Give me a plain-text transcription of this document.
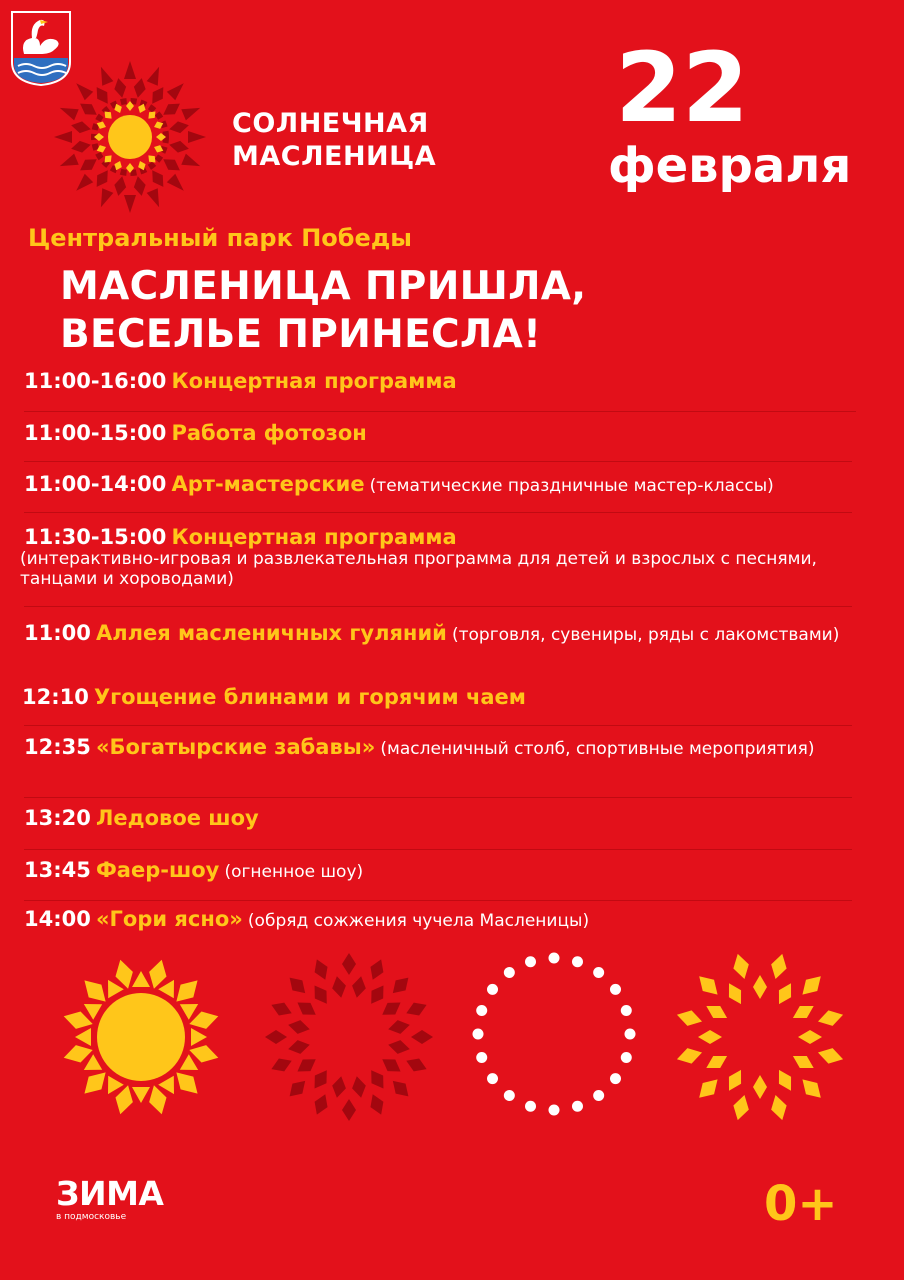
СОЛНЕЧНАЯ
МАСЛЕНИЦА
22
февраля
Центральный парк Победы
МАСЛЕНИЦА ПРИШЛА,
ВЕСЕЛЬЕ ПРИНЕСЛА!
11:00-16:00 Концертная программа
11:00-15:00 Работа фотозон
11:00-14:00 Арт-мастерские (тематические праздничные мастер-классы)
11:30-15:00 Концертная программа
(интерактивно-игровая и развлекательная программа для детей и взрослых с песнями, танцами и хороводами)
11:00 Аллея масленичных гуляний (торговля, сувениры, ряды с лакомствами)
12:10 Угощение блинами и горячим чаем
12:35 «Богатырские забавы» (масленичный столб, спортивные мероприятия)
13:20 Ледовое шоу
13:45 Фаер-шоу (огненное шоу)
14:00 «Гори ясно» (обряд сожжения чучела Масленицы)
ЗИМА
в подмосковье	0+
